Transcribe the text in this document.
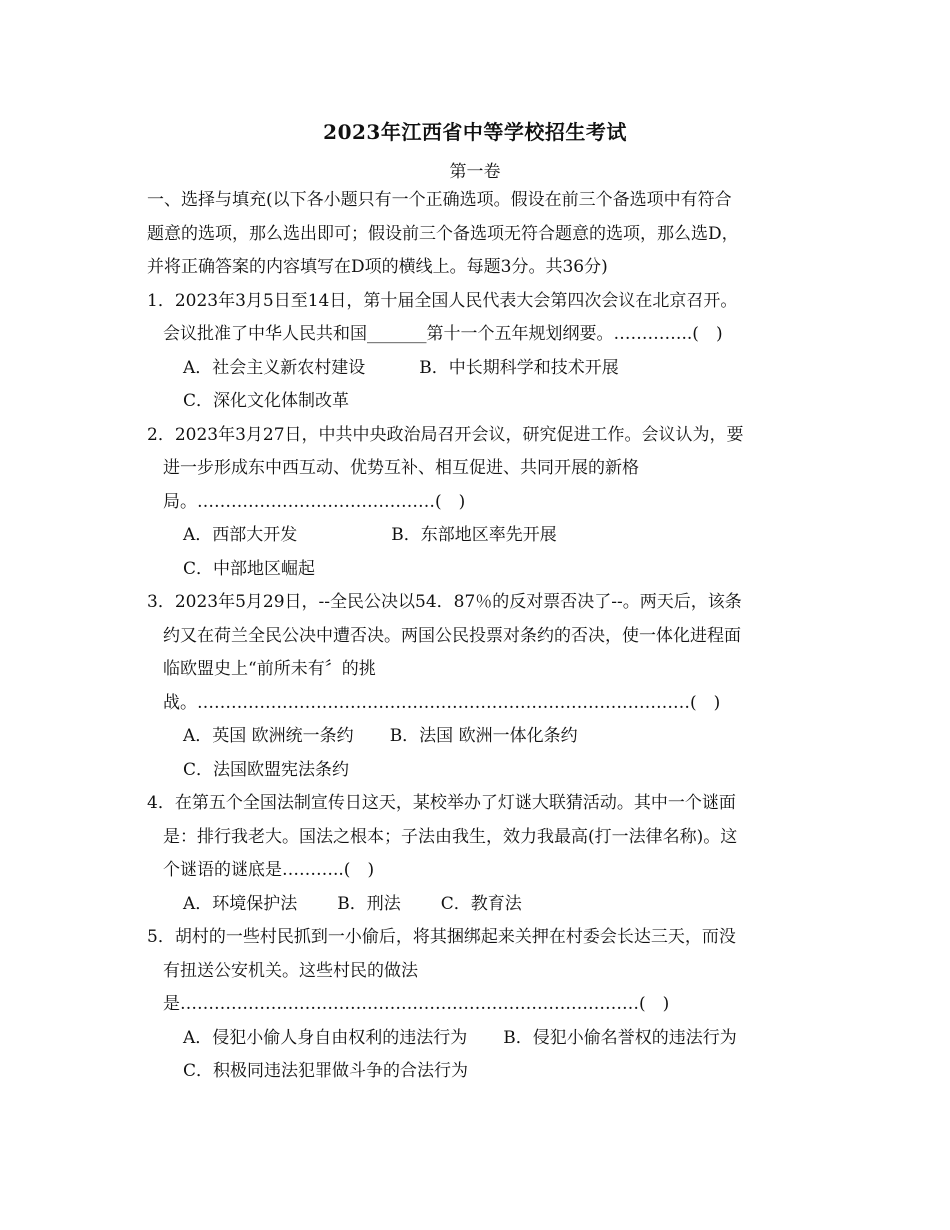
2023年江西省中等学校招生考试
第一卷
一、选择与填充(以下各小题只有一个正确选项。假设在前三个备选项中有符合
题意的选项，那么选出即可；假设前三个备选项无符合题意的选项，那么选D，
并将正确答案的内容填写在D项的横线上。每题3分。共36分)
1．2023年3月5日至14日，第十届全国人民代表大会第四次会议在北京召开。
会议批准了中华人民共和国_______第十一个五年规划纲要。…………..(　)
A．社会主义新农村建设	B．中长期科学和技术开展
C．深化文化体制改革
2．2023年3月27日，中共中央政治局召开会议，研究促进工作。会议认为，要
进一步形成东中西互动、优势互补、相互促进、共同开展的新格
局。……………………………………(　)
A．西部大开发	B．东部地区率先开展
C．中部地区崛起
3．2023年5月29日，--全民公决以54．87％的反对票否决了--。两天后，该条
约又在荷兰全民公决中遭否决。两国公民投票对条约的否决，使一体化进程面
临欧盟史上“前所未有〞的挑
战。……………………………………………………………………………(　)
A．英国 欧洲统一条约 B．法国 欧洲一体化条约
C．法国欧盟宪法条约
4．在第五个全国法制宣传日这天，某校举办了灯谜大联猜活动。其中一个谜面
是：排行我老大。国法之根本；子法由我生，效力我最高(打一法律名称)。这
个谜语的谜底是………..(　)
A．环境保护法 B．刑法 C．教育法
5．胡村的一些村民抓到一小偷后，将其捆绑起来关押在村委会长达三天，而没
有扭送公安机关。这些村民的做法
是………………………………………………………………………(　)
A．侵犯小偷人身自由权利的违法行为 B．侵犯小偷名誉权的违法行为
C．积极同违法犯罪做斗争的合法行为
